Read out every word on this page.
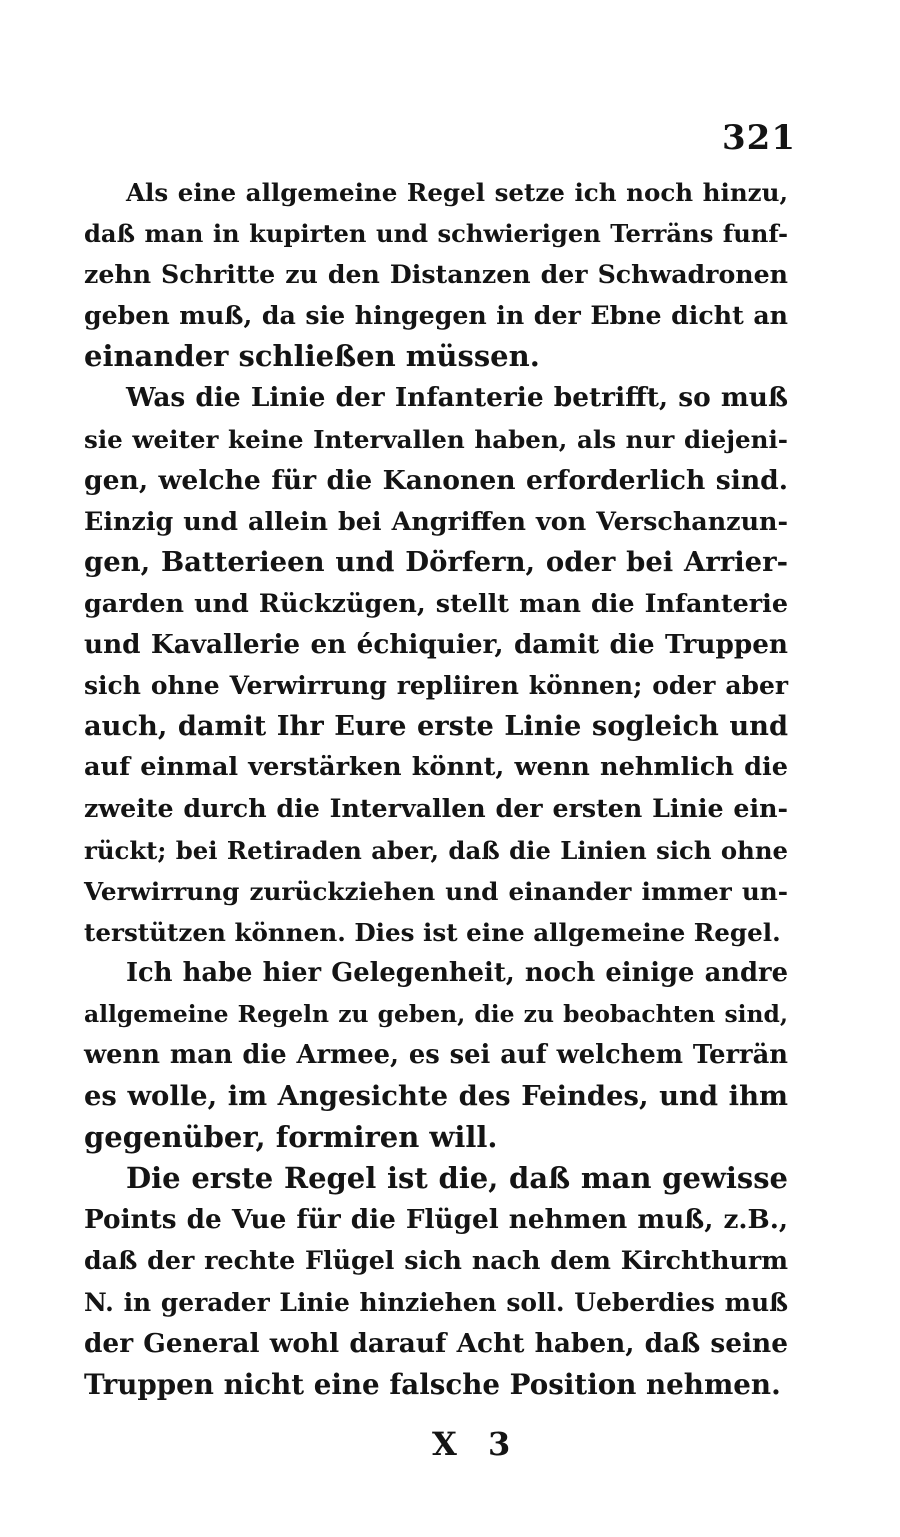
321
Als eine allgemeine Regel setze ich noch hinzu,
daß man in kupirten und schwierigen Terräns funf-
zehn Schritte zu den Distanzen der Schwadronen
geben muß, da sie hingegen in der Ebne dicht an
einander schließen müssen.
Was die Linie der Infanterie betrifft, so muß
sie weiter keine Intervallen haben, als nur diejeni-
gen, welche für die Kanonen erforderlich sind.
Einzig und allein bei Angriffen von Verschanzun-
gen, Batterieen und Dörfern, oder bei Arrier-
garden und Rückzügen, stellt man die Infanterie
und Kavallerie en échiquier, damit die Truppen
sich ohne Verwirrung repliiren können; oder aber
auch, damit Ihr Eure erste Linie sogleich und
auf einmal verstärken könnt, wenn nehmlich die
zweite durch die Intervallen der ersten Linie ein-
rückt; bei Retiraden aber, daß die Linien sich ohne
Verwirrung zurückziehen und einander immer un-
terstützen können. Dies ist eine allgemeine Regel.
Ich habe hier Gelegenheit, noch einige andre
allgemeine Regeln zu geben, die zu beobachten sind,
wenn man die Armee, es sei auf welchem Terrän
es wolle, im Angesichte des Feindes, und ihm
gegenüber, formiren will.
Die erste Regel ist die, daß man gewisse
Points de Vue für die Flügel nehmen muß, z.B.,
daß der rechte Flügel sich nach dem Kirchthurm
N. in gerader Linie hinziehen soll. Ueberdies muß
der General wohl darauf Acht haben, daß seine
Truppen nicht eine falsche Position nehmen.
X 3
